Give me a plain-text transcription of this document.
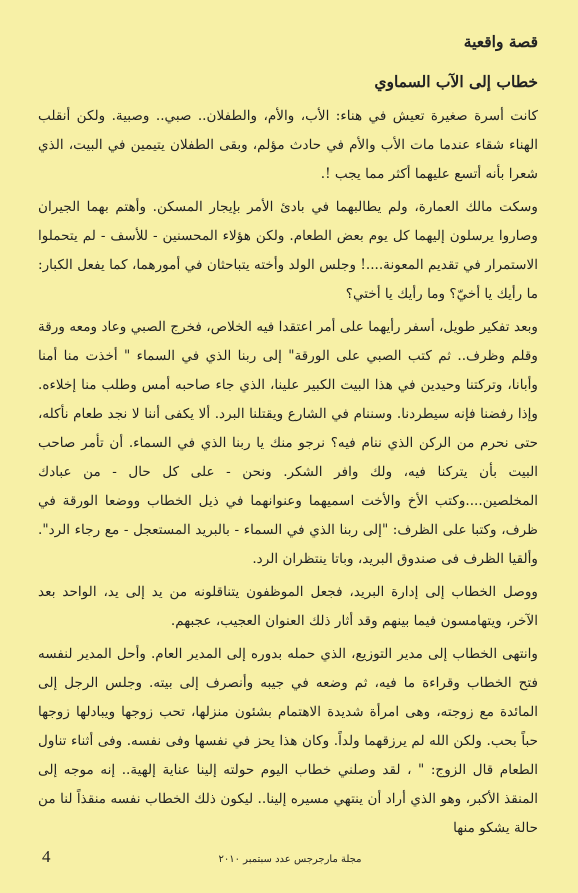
قصة واقعية
خطاب إلى الآب السماوي

كانت أسرة صغيرة تعيش في هناء: الأب، والأم، والطفلان.. صبي.. وصبية. ولكن أنقلب الهناء شقاء عندما مات الأب والأم في حادث مؤلم، وبقى الطفلان يتيمين في البيت، الذي شعرا بأنه أتسع عليهما أكثر مما يجب !.

وسكت مالك العمارة، ولم يطالبهما في بادئ الأمر بإيجار المسكن. وأهتم بهما الجيران وصاروا يرسلون إليهما كل يوم بعض الطعام. ولكن هؤلاء المحسنين - للأسف - لم يتحملوا الاستمرار في تقديم المعونة....! وجلس الولد وأخته يتباحثان في أمورهما، كما يفعل الكبار: ما رأيك يا أخيّ؟ وما رأيك يا أختي؟

وبعد تفكير طويل، أسفر رأيهما على أمر اعتقدا فيه الخلاص، فخرج الصبي وعاد ومعه ورقة وقلم وظرف.. ثم كتب الصبي على الورقة" إلى ربنا الذي في السماء " أخذت منا أمنا وأبانا، وتركتنا وحيدين في هذا البيت الكبير علينا، الذي جاء صاحبه أمس وطلب منا إخلاءه. وإذا رفضنا فإنه سيطردنا. وسننام في الشارع ويقتلنا البرد. ألا يكفى أننا لا نجد طعام نأكله، حتى نحرم من الركن الذي ننام فيه؟ نرجو منك يا ربنا الذي في السماء. أن تأمر صاحب البيت بأن يتركنا فيه، ولك وافر الشكر. ونحن - على كل حال - من عبادك المخلصين....وكتب الأخ والأخت اسميهما وعنوانهما في ذيل الخطاب ووضعا الورقة في ظرف، وكتبا على الظرف: "إلى ربنا الذي في السماء - بالبريد المستعجل - مع رجاء الرد". وألقيا الظرف فى صندوق البريد، وباتا ينتظران الرد.

ووصل الخطاب إلى إدارة البريد، فجعل الموظفون يتناقلونه من يد إلى يد، الواحد بعد الآخر، ويتهامسون فيما بينهم وقد أثار ذلك العنوان العجيب، عجبهم.

وانتهى الخطاب إلى مدير التوزيع، الذي حمله بدوره إلى المدير العام. وأحل المدير لنفسه فتح الخطاب وقراءة ما فيه، ثم وضعه في جيبه وأنصرف إلى بيته. وجلس الرجل إلى المائدة مع زوجته، وهى امرأة شديدة الاهتمام بشئون منزلها، تحب زوجها ويبادلها زوجها حباً بحب. ولكن الله لم يرزقهما ولداً. وكان هذا يحز في نفسها وفى نفسه. وفى أثناء تناول الطعام قال الزوج: " ، لقد وصلني خطاب اليوم حولته إلينا عناية إلهية.. إنه موجه إلى المنقذ الأكبر، وهو الذي أراد أن ينتهي مسيره إلينا.. ليكون ذلك الخطاب نفسه منقذاً لنا من حالة يشكو منها

4	مجلة مارجرجس عدد سبتمبر ٢٠١٠
